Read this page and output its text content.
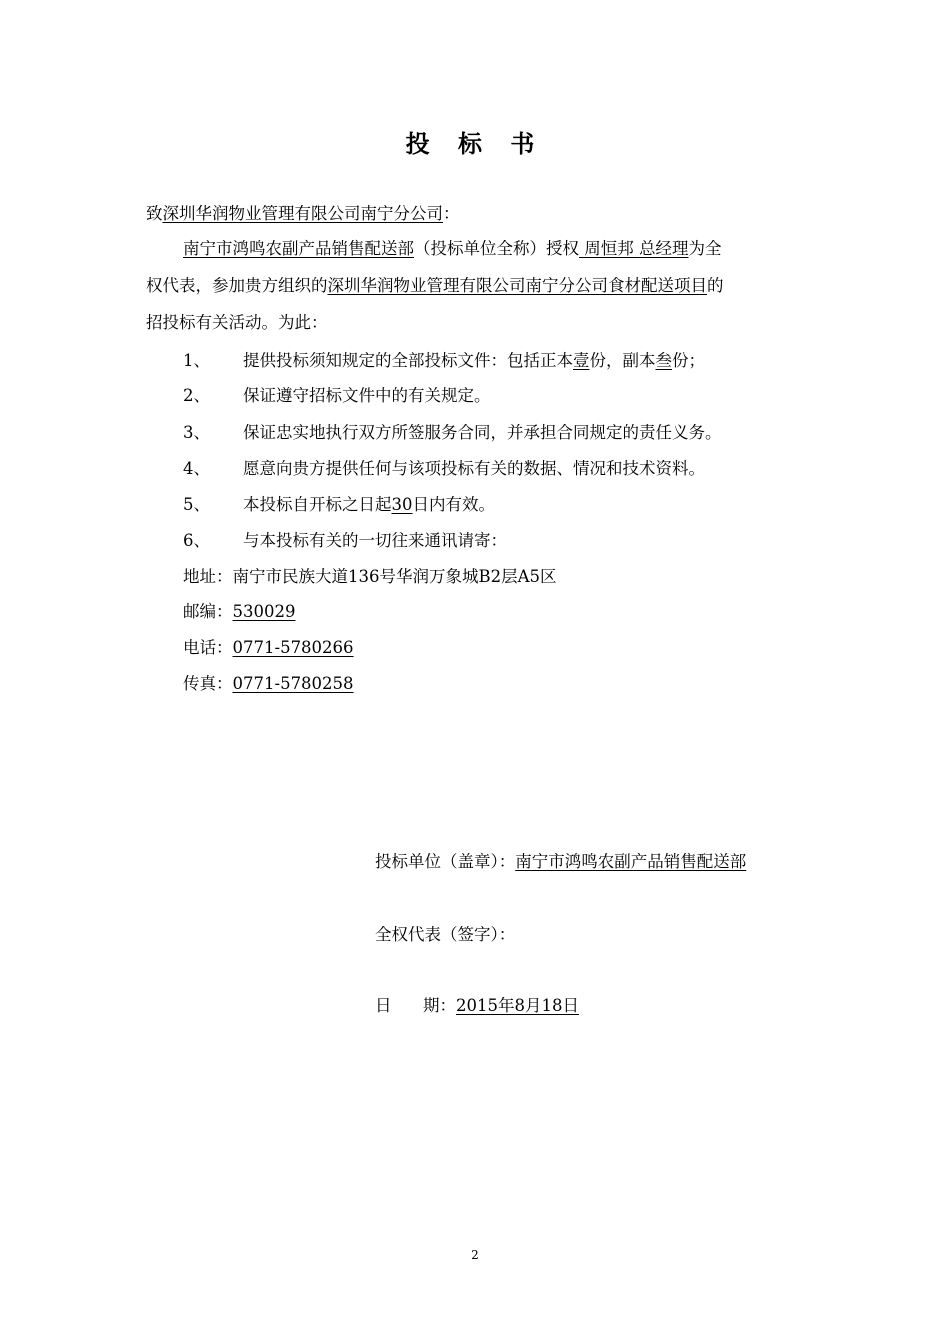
投 标 书
致深圳华润物业管理有限公司南宁分公司：
南宁市鸿鸣农副产品销售配送部（投标单位全称）授权 周恒邦 总经理为全
权代表，参加贵方组织的深圳华润物业管理有限公司南宁分公司食材配送项目的
招投标有关活动。为此：
1、 提供投标须知规定的全部投标文件：包括正本壹份，副本叁份；
2、 保证遵守招标文件中的有关规定。
3、 保证忠实地执行双方所签服务合同，并承担合同规定的责任义务。
4、 愿意向贵方提供任何与该项投标有关的数据、情况和技术资料。
5、 本投标自开标之日起30日内有效。
6、 与本投标有关的一切往来通讯请寄：
地址：南宁市民族大道136号华润万象城B2层A5区
邮编：530029
电话：0771-5780266
传真：0771-5780258
投标单位（盖章）：南宁市鸿鸣农副产品销售配送部
全权代表（签字）：
日      期：2015年8月18日
2
